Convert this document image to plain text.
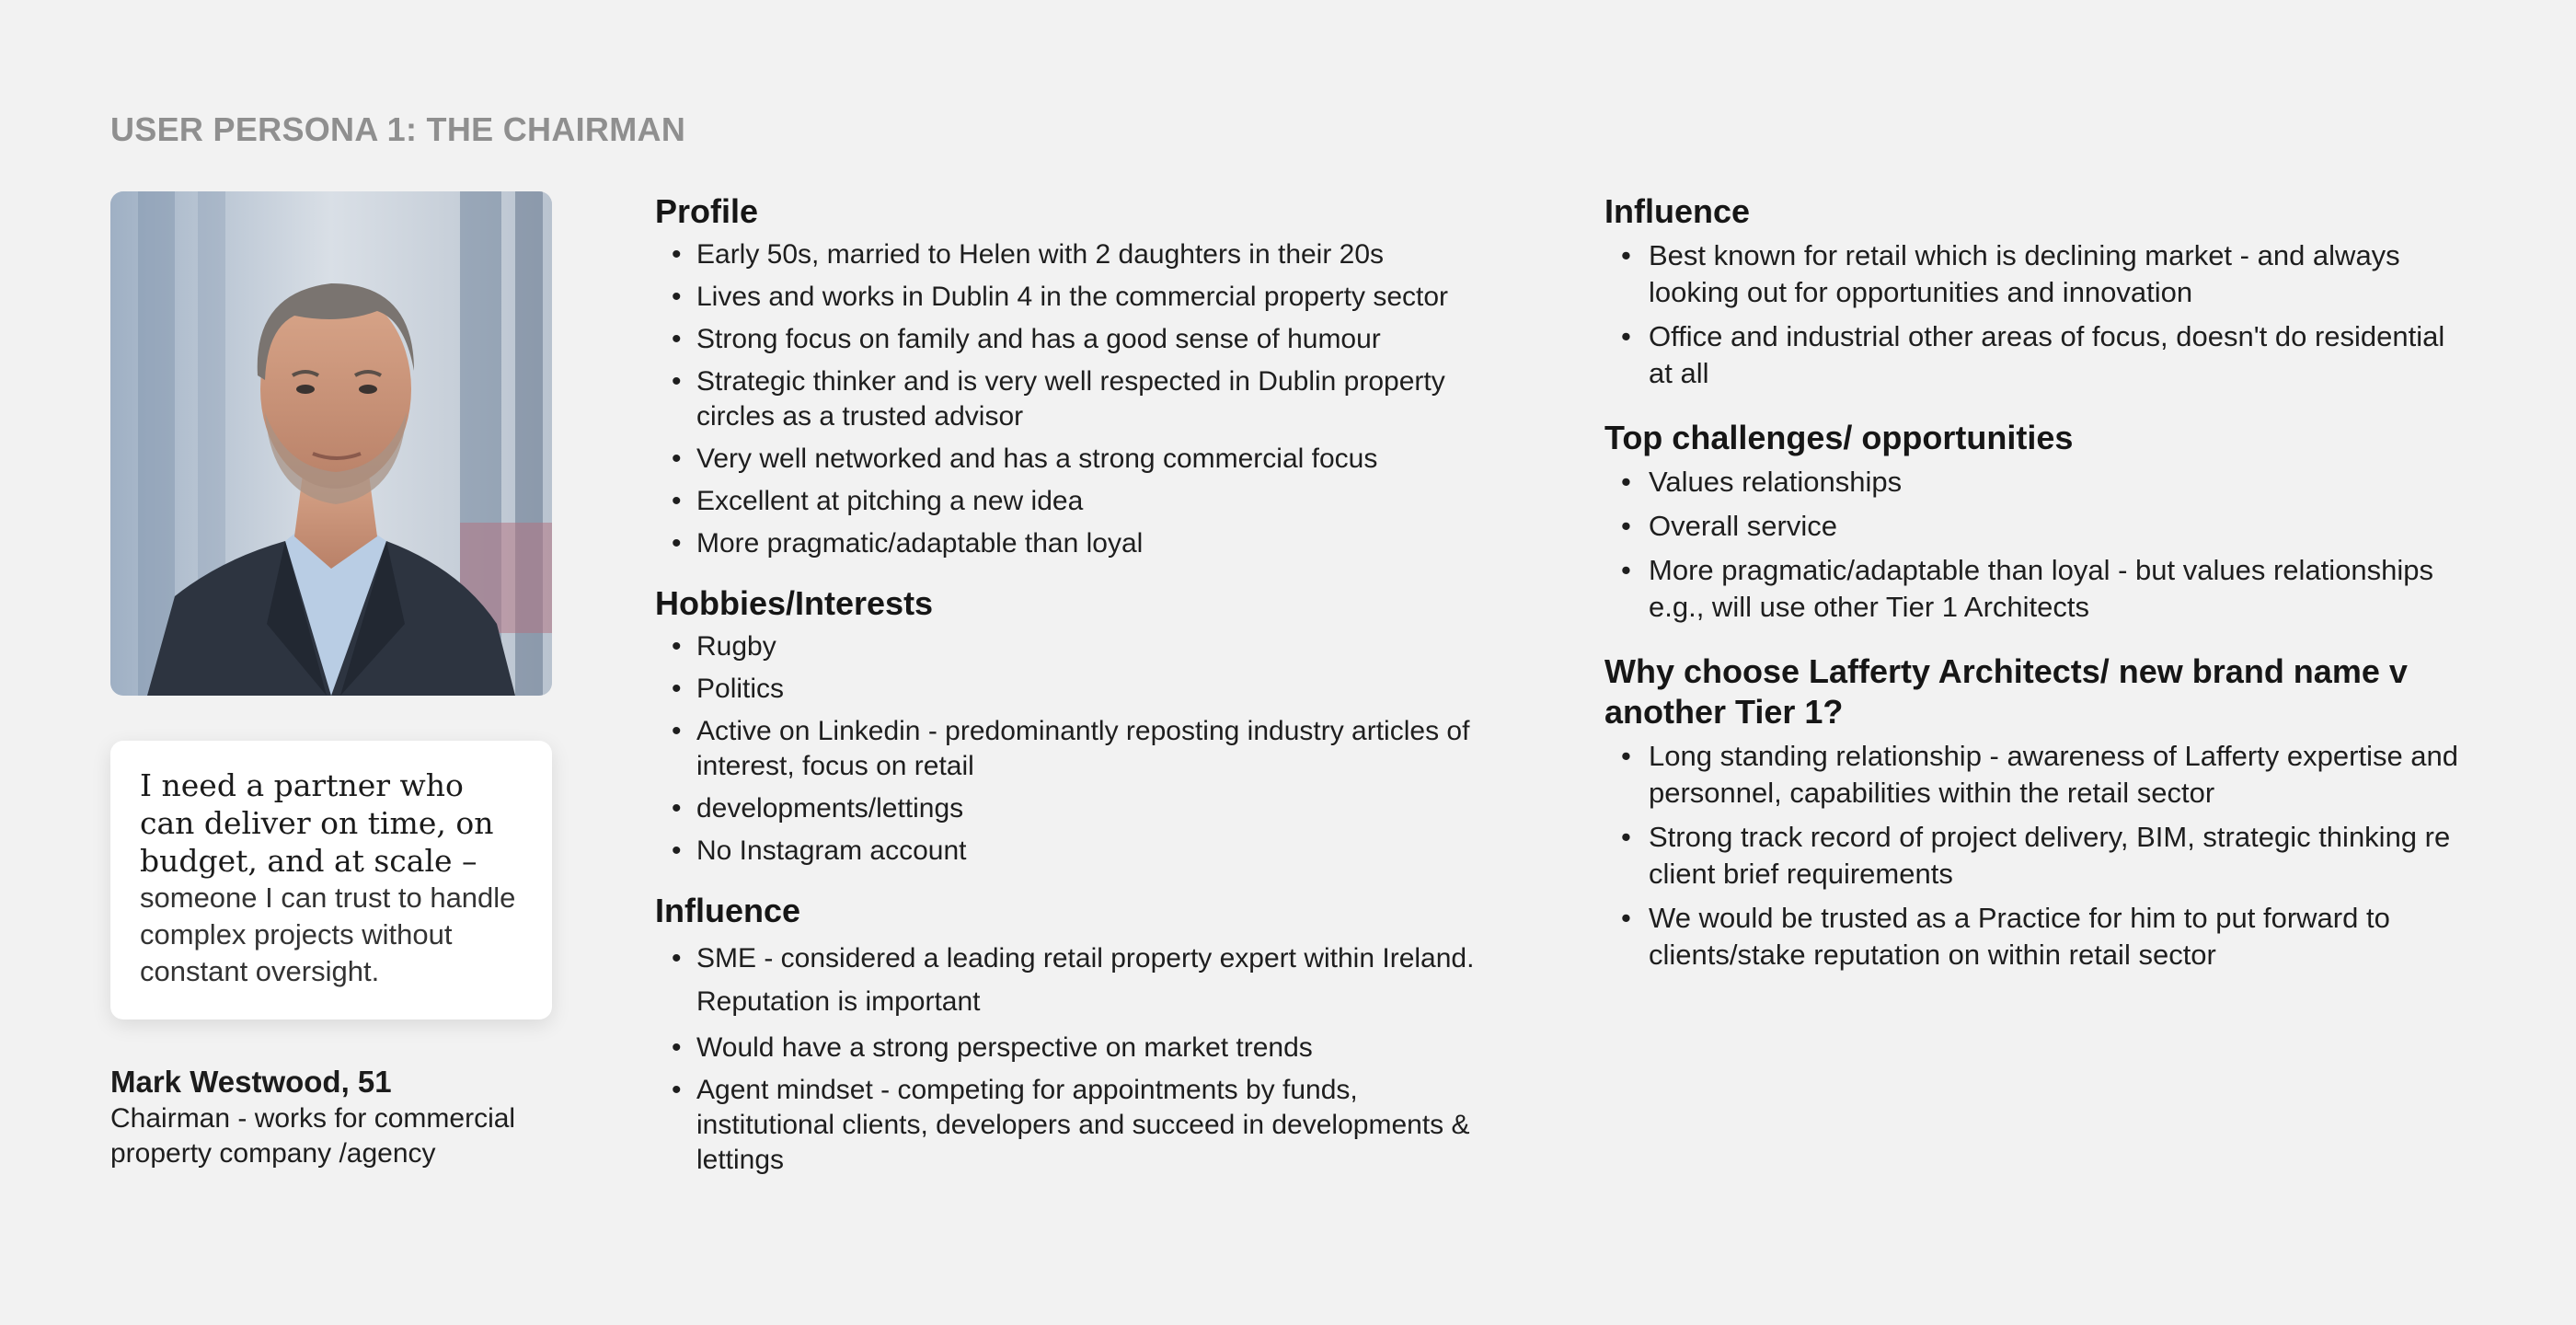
USER PERSONA 1: THE CHAIRMAN
I need a partner who can deliver on time, on budget, and at scale –
someone I can trust to handle complex projects without constant oversight.
Mark Westwood, 51
Chairman - works for commercial property company /agency
Profile
• Early 50s, married to Helen with 2 daughters in their 20s
• Lives and works in Dublin 4 in the commercial property sector
• Strong focus on family and has a good sense of humour
• Strategic thinker and is very well respected in Dublin property circles as a trusted advisor
• Very well networked and has a strong commercial focus
• Excellent at pitching a new idea
• More pragmatic/adaptable than loyal
Hobbies/Interests
• Rugby
• Politics
• Active on Linkedin - predominantly reposting industry articles of interest, focus on retail
• developments/lettings
• No Instagram account
Influence
• SME - considered a leading retail property expert within Ireland. Reputation is important
• Would have a strong perspective on market trends
• Agent mindset - competing for appointments by funds, institutional clients, developers and succeed in developments & lettings
Influence
• Best known for retail which is declining market - and always looking out for opportunities and innovation
• Office and industrial other areas of focus, doesn't do residential at all
Top challenges/ opportunities
• Values relationships
• Overall service
• More pragmatic/adaptable than loyal - but values relationships e.g., will use other Tier 1 Architects
Why choose Lafferty Architects/ new brand name v another Tier 1?
• Long standing relationship - awareness of Lafferty expertise and personnel, capabilities within the retail sector
• Strong track record of project delivery, BIM, strategic thinking re client brief requirements
• We would be trusted as a Practice for him to put forward to clients/stake reputation on within retail sector
